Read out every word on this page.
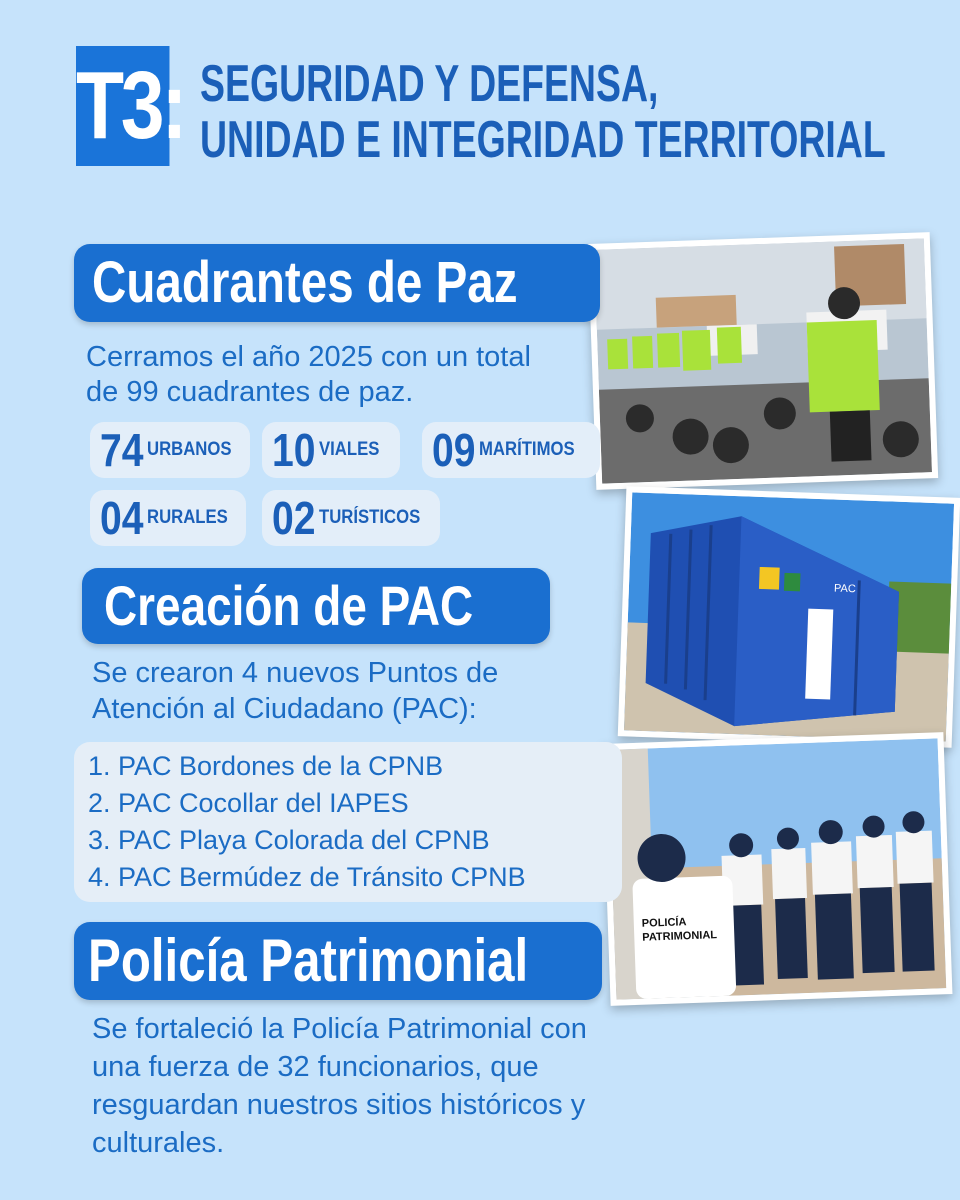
T3: SEGURIDAD Y DEFENSA,
UNIDAD E INTEGRIDAD TERRITORIAL
PAC
POLICÍA
PATRIMONIAL
Cuadrantes de Paz
Cerramos el año 2025 con un total
de 99 cuadrantes de paz.
74 URBANOS 10 VIALES 09 MARÍTIMOS
04 RURALES 02 TURÍSTICOS
Creación de PAC
Se crearon 4 nuevos Puntos de
Atención al Ciudadano (PAC):
1. PAC Bordones de la CPNB
2. PAC Cocollar del IAPES
3. PAC Playa Colorada del CPNB
4. PAC Bermúdez de Tránsito CPNB
Policía Patrimonial
Se fortaleció la Policía Patrimonial con
una fuerza de 32 funcionarios, que
resguardan nuestros sitios históricos y
culturales.
